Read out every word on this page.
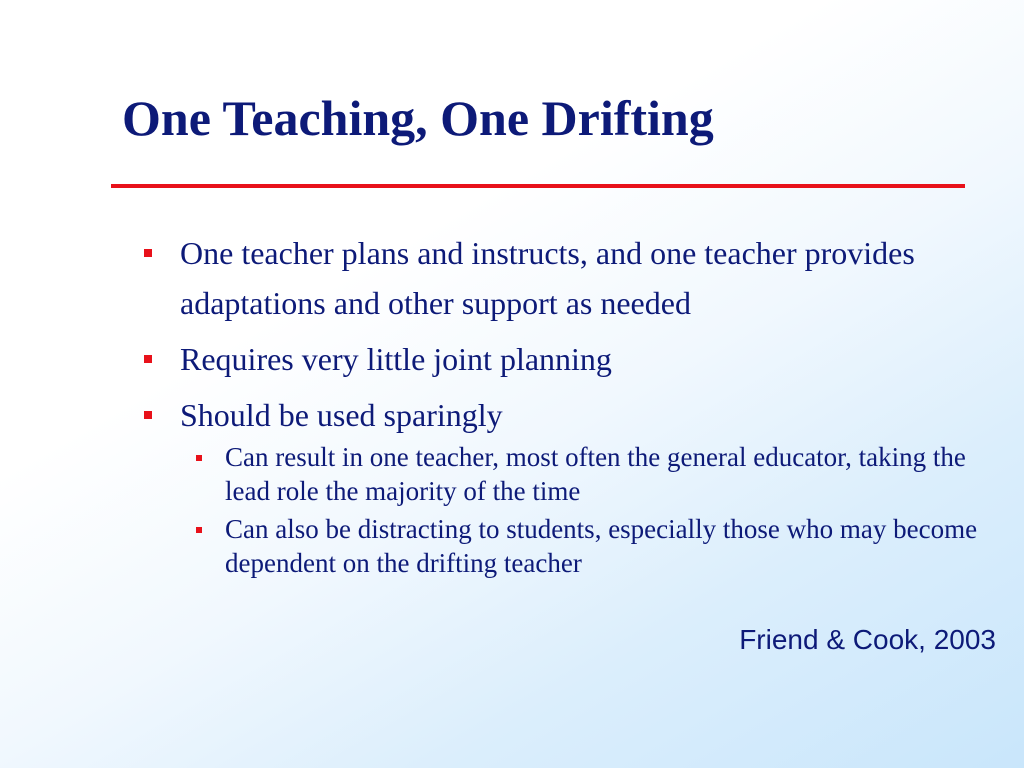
One Teaching, One Drifting
One teacher plans and instructs, and one teacher provides adaptations and other support as needed
Requires very little joint planning
Should be used sparingly
Can result in one teacher, most often the general educator, taking the lead role the majority of the time
Can also be distracting to students, especially those who may become dependent on the drifting teacher
Friend & Cook, 2003
